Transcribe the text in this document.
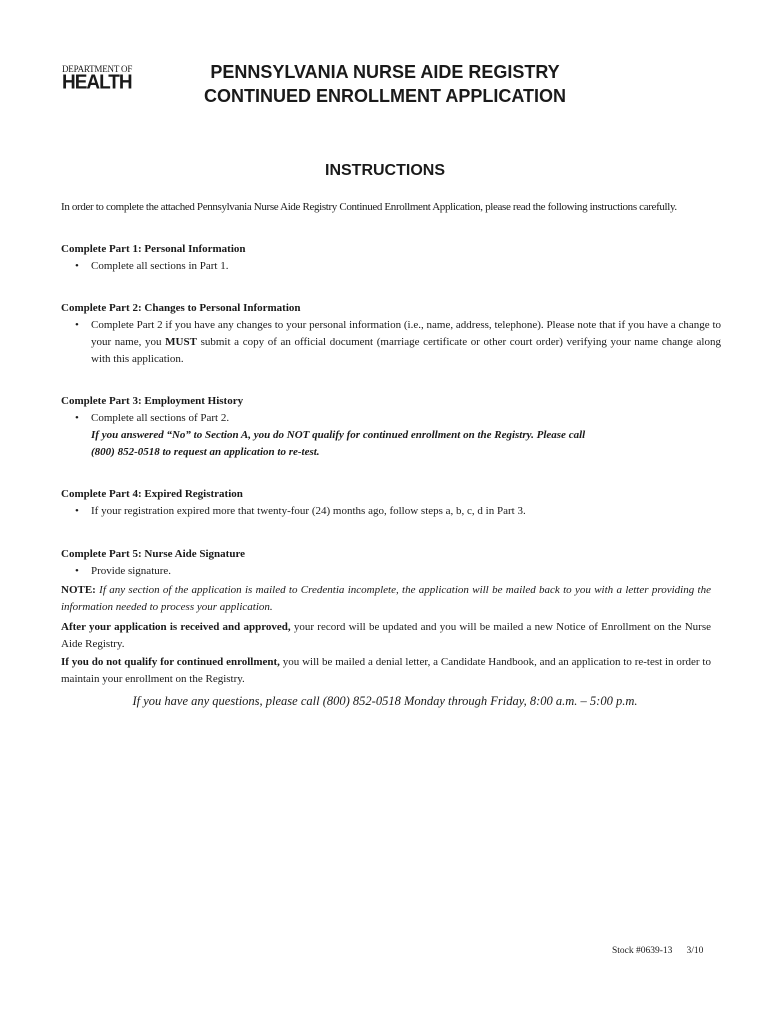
DEPARTMENT OF
HEALTH	PENNSYLVANIA NURSE AIDE REGISTRY
CONTINUED ENROLLMENT APPLICATION
INSTRUCTIONS
In order to complete the attached Pennsylvania Nurse Aide Registry Continued Enrollment Application, please read the following instructions carefully.
Complete Part 1: Personal Information
• Complete all sections in Part 1.
Complete Part 2: Changes to Personal Information
• Complete Part 2 if you have any changes to your personal information (i.e., name, address, telephone). Please note that if you have a change to your name, you MUST submit a copy of an official document (marriage certificate or other court order) verifying your name change along with this application.
Complete Part 3: Employment History
• Complete all sections of Part 2.
If you answered “No” to Section A, you do NOT qualify for continued enrollment on the Registry. Please call
(800) 852-0518 to request an application to re-test.
Complete Part 4: Expired Registration
• If your registration expired more that twenty-four (24) months ago, follow steps a, b, c, d in Part 3.
Complete Part 5: Nurse Aide Signature
• Provide signature.
NOTE: If any section of the application is mailed to Credentia incomplete, the application will be mailed back to you with a letter providing the information needed to process your application.
After your application is received and approved, your record will be updated and you will be mailed a new Notice of Enrollment on the Nurse Aide Registry.
If you do not qualify for continued enrollment, you will be mailed a denial letter, a Candidate Handbook, and an application to re-test in order to maintain your enrollment on the Registry.
If you have any questions, please call (800) 852-0518 Monday through Friday, 8:00 a.m. – 5:00 p.m.
Stock #0639-13 3/10
